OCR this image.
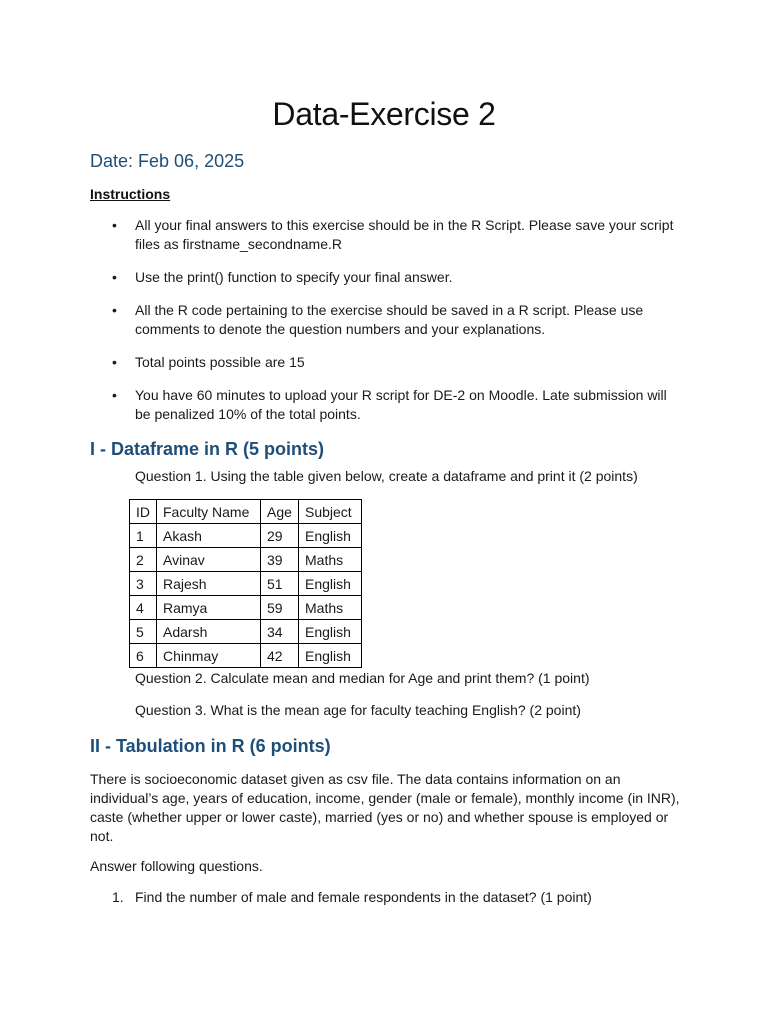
Data-Exercise 2
Date: Feb 06, 2025
Instructions
• All your final answers to this exercise should be in the R Script. Please save your script files as firstname_secondname.R
• Use the print() function to specify your final answer.
• All the R code pertaining to the exercise should be saved in a R script. Please use comments to denote the question numbers and your explanations.
• Total points possible are 15
• You have 60 minutes to upload your R script for DE-2 on Moodle. Late submission will be penalized 10% of the total points.
I - Dataframe in R (5 points)
Question 1. Using the table given below, create a dataframe and print it (2 points)
ID	Faculty Name	Age	Subject
1	Akash	29	English
2	Avinav	39	Maths
3	Rajesh	51	English
4	Ramya	59	Maths
5	Adarsh	34	English
6	Chinmay	42	English
Question 2. Calculate mean and median for Age and print them? (1 point)
Question 3. What is the mean age for faculty teaching English? (2 point)
II - Tabulation in R (6 points)

There is socioeconomic dataset given as csv file. The data contains information on an individual’s age, years of education, income, gender (male or female), monthly income (in INR), caste (whether upper or lower caste), married (yes or no) and whether spouse is employed or not.

Answer following questions.

1. Find the number of male and female respondents in the dataset? (1 point)
